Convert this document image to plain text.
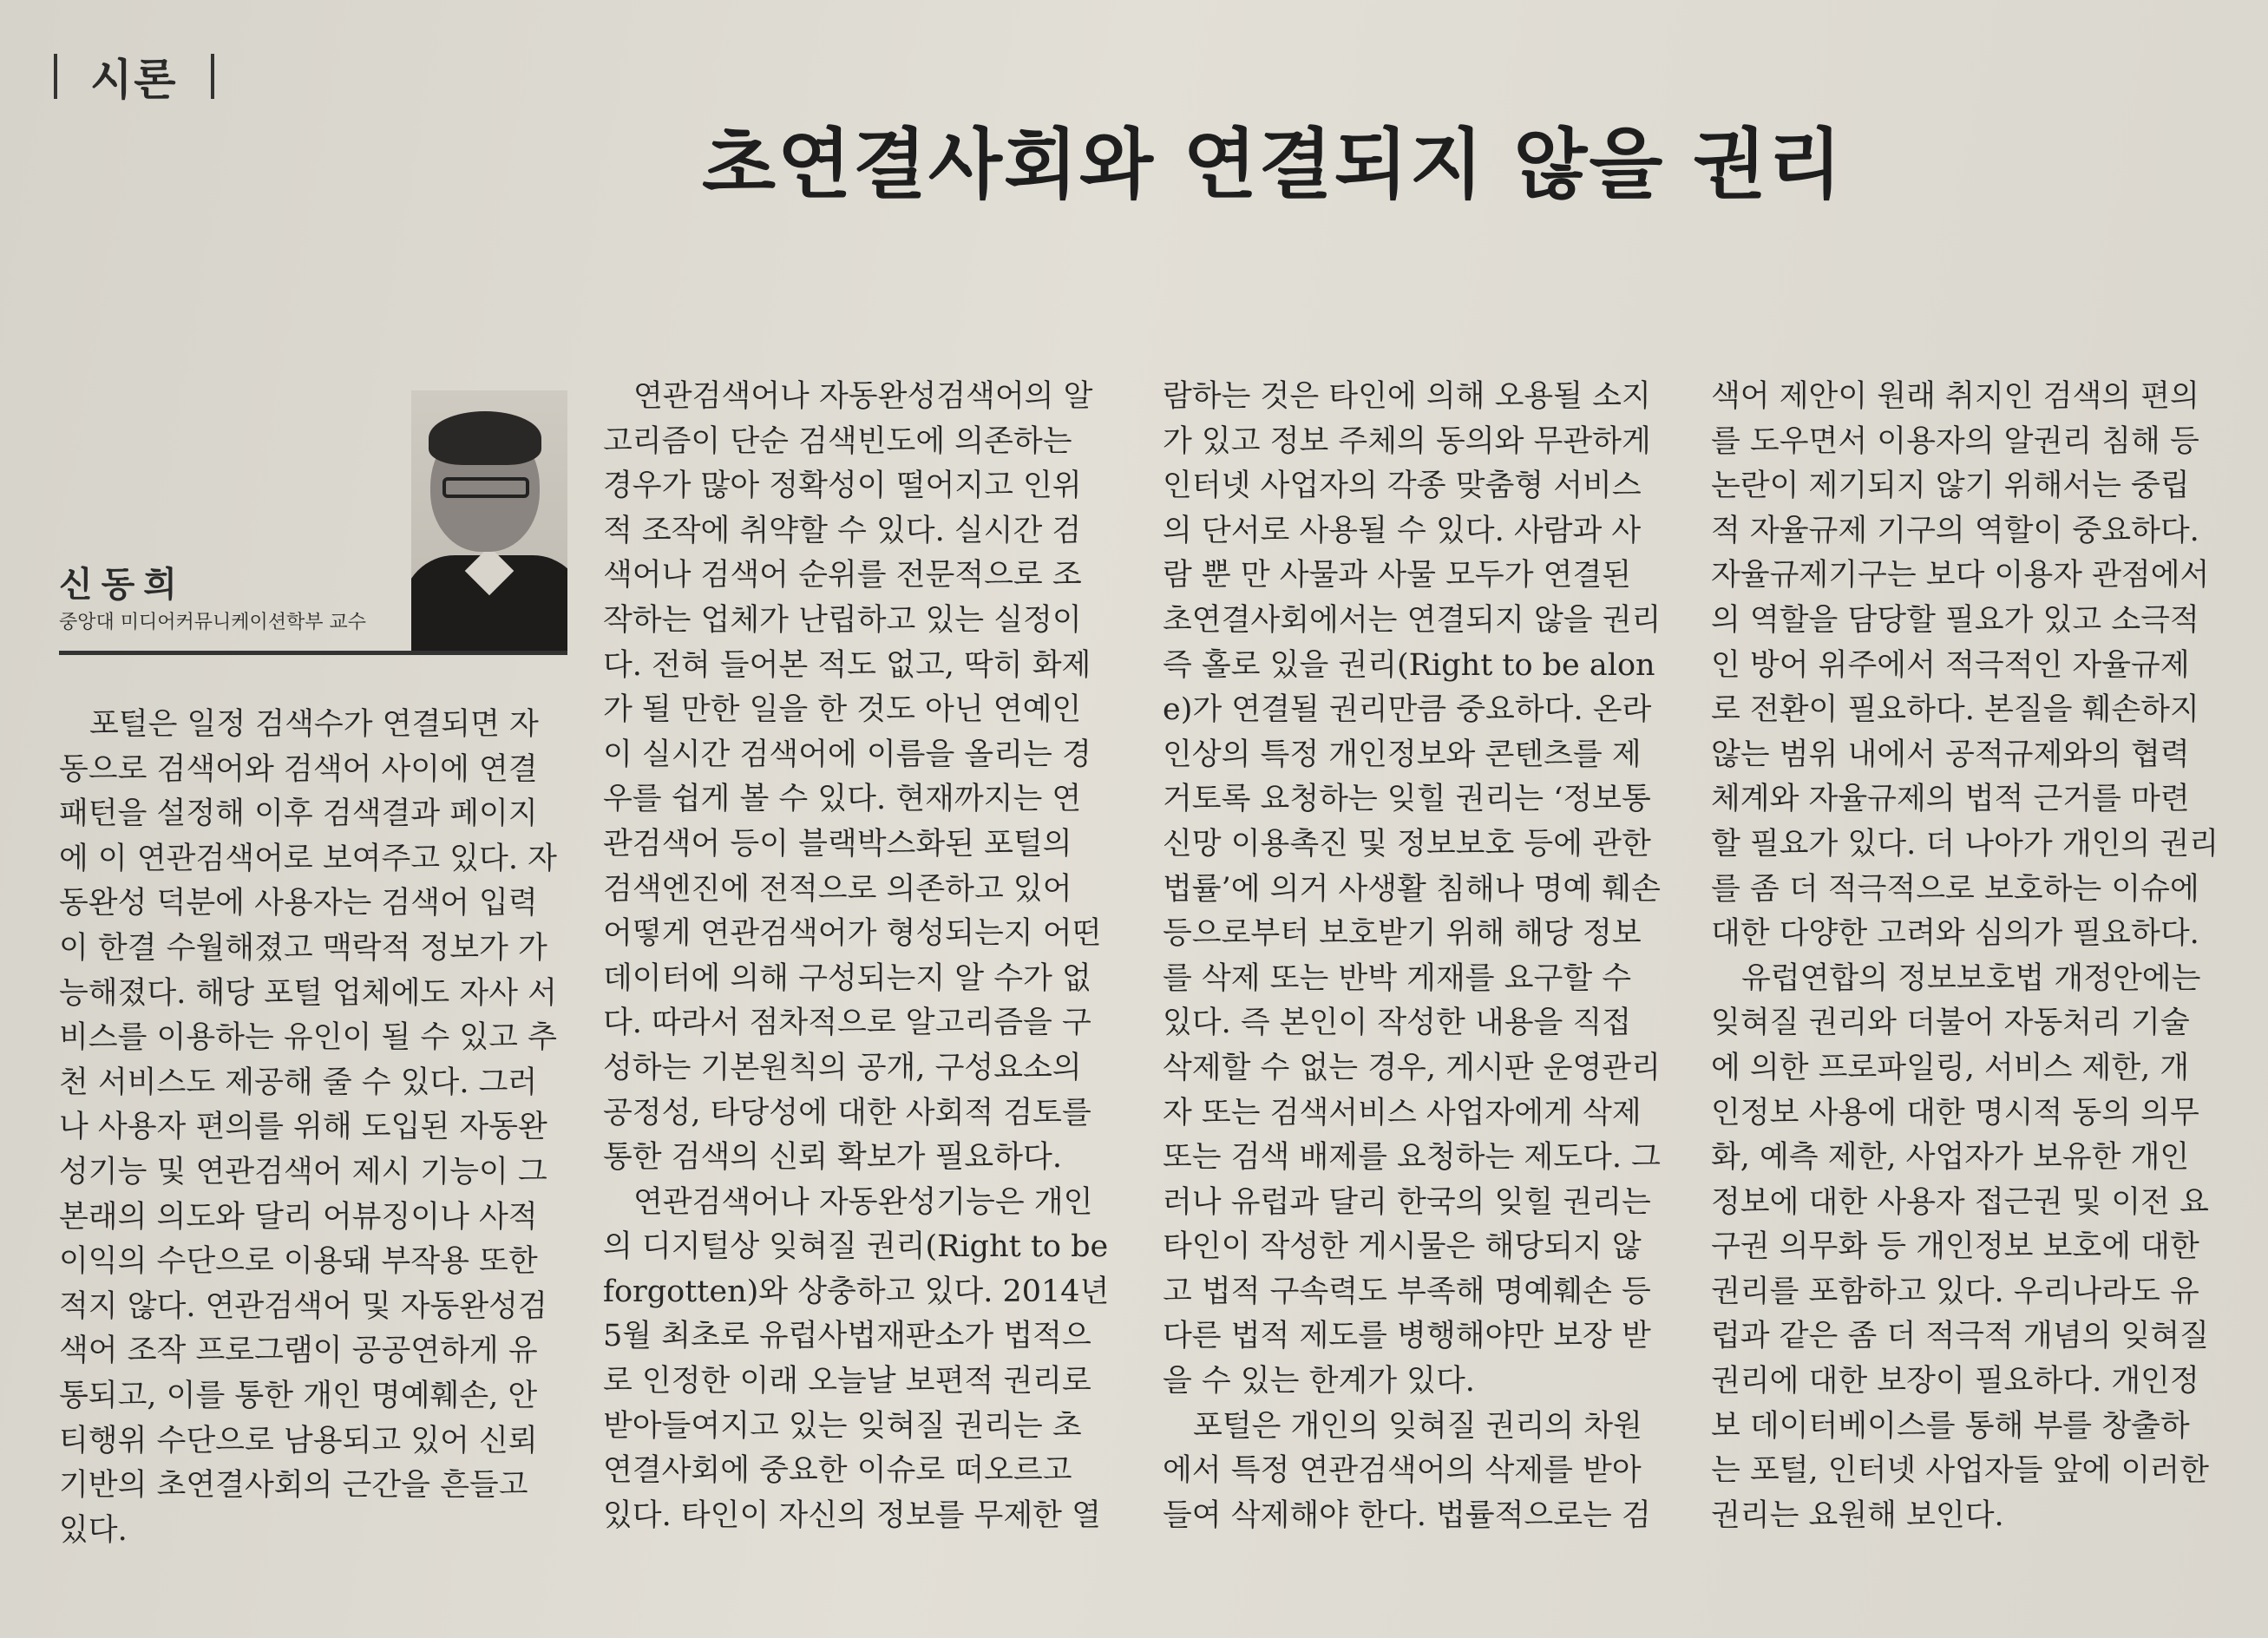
시론
초연결사회와 연결되지 않을 권리
신동희
중앙대 미디어커뮤니케이션학부 교수

　포털은 일정 검색수가 연결되면 자
동으로 검색어와 검색어 사이에 연결
패턴을 설정해 이후 검색결과 페이지
에 이 연관검색어로 보여주고 있다. 자
동완성 덕분에 사용자는 검색어 입력
이 한결 수월해졌고 맥락적 정보가 가
능해졌다. 해당 포털 업체에도 자사 서
비스를 이용하는 유인이 될 수 있고 추
천 서비스도 제공해 줄 수 있다. 그러
나 사용자 편의를 위해 도입된 자동완
성기능 및 연관검색어 제시 기능이 그
본래의 의도와 달리 어뷰징이나 사적
이익의 수단으로 이용돼 부작용 또한
적지 않다. 연관검색어 및 자동완성검
색어 조작 프로그램이 공공연하게 유
통되고, 이를 통한 개인 명예훼손, 안
티행위 수단으로 남용되고 있어 신뢰
기반의 초연결사회의 근간을 흔들고
있다.

　연관검색어나 자동완성검색어의 알
고리즘이 단순 검색빈도에 의존하는
경우가 많아 정확성이 떨어지고 인위
적 조작에 취약할 수 있다. 실시간 검
색어나 검색어 순위를 전문적으로 조
작하는 업체가 난립하고 있는 실정이
다. 전혀 들어본 적도 없고, 딱히 화제
가 될 만한 일을 한 것도 아닌 연예인
이 실시간 검색어에 이름을 올리는 경
우를 쉽게 볼 수 있다. 현재까지는 연
관검색어 등이 블랙박스화된 포털의
검색엔진에 전적으로 의존하고 있어
어떻게 연관검색어가 형성되는지 어떤
데이터에 의해 구성되는지 알 수가 없
다. 따라서 점차적으로 알고리즘을 구
성하는 기본원칙의 공개, 구성요소의
공정성, 타당성에 대한 사회적 검토를
통한 검색의 신뢰 확보가 필요하다.
　연관검색어나 자동완성기능은 개인
의 디지털상 잊혀질 권리(Right to be
forgotten)와 상충하고 있다. 2014년
5월 최초로 유럽사법재판소가 법적으
로 인정한 이래 오늘날 보편적 권리로
받아들여지고 있는 잊혀질 권리는 초
연결사회에 중요한 이슈로 떠오르고
있다. 타인이 자신의 정보를 무제한 열

람하는 것은 타인에 의해 오용될 소지
가 있고 정보 주체의 동의와 무관하게
인터넷 사업자의 각종 맞춤형 서비스
의 단서로 사용될 수 있다. 사람과 사
람 뿐 만 사물과 사물 모두가 연결된
초연결사회에서는 연결되지 않을 권리
즉 홀로 있을 권리(Right to be alon
e)가 연결될 권리만큼 중요하다. 온라
인상의 특정 개인정보와 콘텐츠를 제
거토록 요청하는 잊힐 권리는 ‘정보통
신망 이용촉진 및 정보보호 등에 관한
법률’에 의거 사생활 침해나 명예 훼손
등으로부터 보호받기 위해 해당 정보
를 삭제 또는 반박 게재를 요구할 수
있다. 즉 본인이 작성한 내용을 직접
삭제할 수 없는 경우, 게시판 운영관리
자 또는 검색서비스 사업자에게 삭제
또는 검색 배제를 요청하는 제도다. 그
러나 유럽과 달리 한국의 잊힐 권리는
타인이 작성한 게시물은 해당되지 않
고 법적 구속력도 부족해 명예훼손 등
다른 법적 제도를 병행해야만 보장 받
을 수 있는 한계가 있다.
　포털은 개인의 잊혀질 권리의 차원
에서 특정 연관검색어의 삭제를 받아
들여 삭제해야 한다. 법률적으로는 검

색어 제안이 원래 취지인 검색의 편의
를 도우면서 이용자의 알권리 침해 등
논란이 제기되지 않기 위해서는 중립
적 자율규제 기구의 역할이 중요하다.
자율규제기구는 보다 이용자 관점에서
의 역할을 담당할 필요가 있고 소극적
인 방어 위주에서 적극적인 자율규제
로 전환이 필요하다. 본질을 훼손하지
않는 범위 내에서 공적규제와의 협력
체계와 자율규제의 법적 근거를 마련
할 필요가 있다. 더 나아가 개인의 권리
를 좀 더 적극적으로 보호하는 이슈에
대한 다양한 고려와 심의가 필요하다.
　유럽연합의 정보보호법 개정안에는
잊혀질 권리와 더불어 자동처리 기술
에 의한 프로파일링, 서비스 제한, 개
인정보 사용에 대한 명시적 동의 의무
화, 예측 제한, 사업자가 보유한 개인
정보에 대한 사용자 접근권 및 이전 요
구권 의무화 등 개인정보 보호에 대한
권리를 포함하고 있다. 우리나라도 유
럽과 같은 좀 더 적극적 개념의 잊혀질
권리에 대한 보장이 필요하다. 개인정
보 데이터베이스를 통해 부를 창출하
는 포털, 인터넷 사업자들 앞에 이러한
권리는 요원해 보인다.
